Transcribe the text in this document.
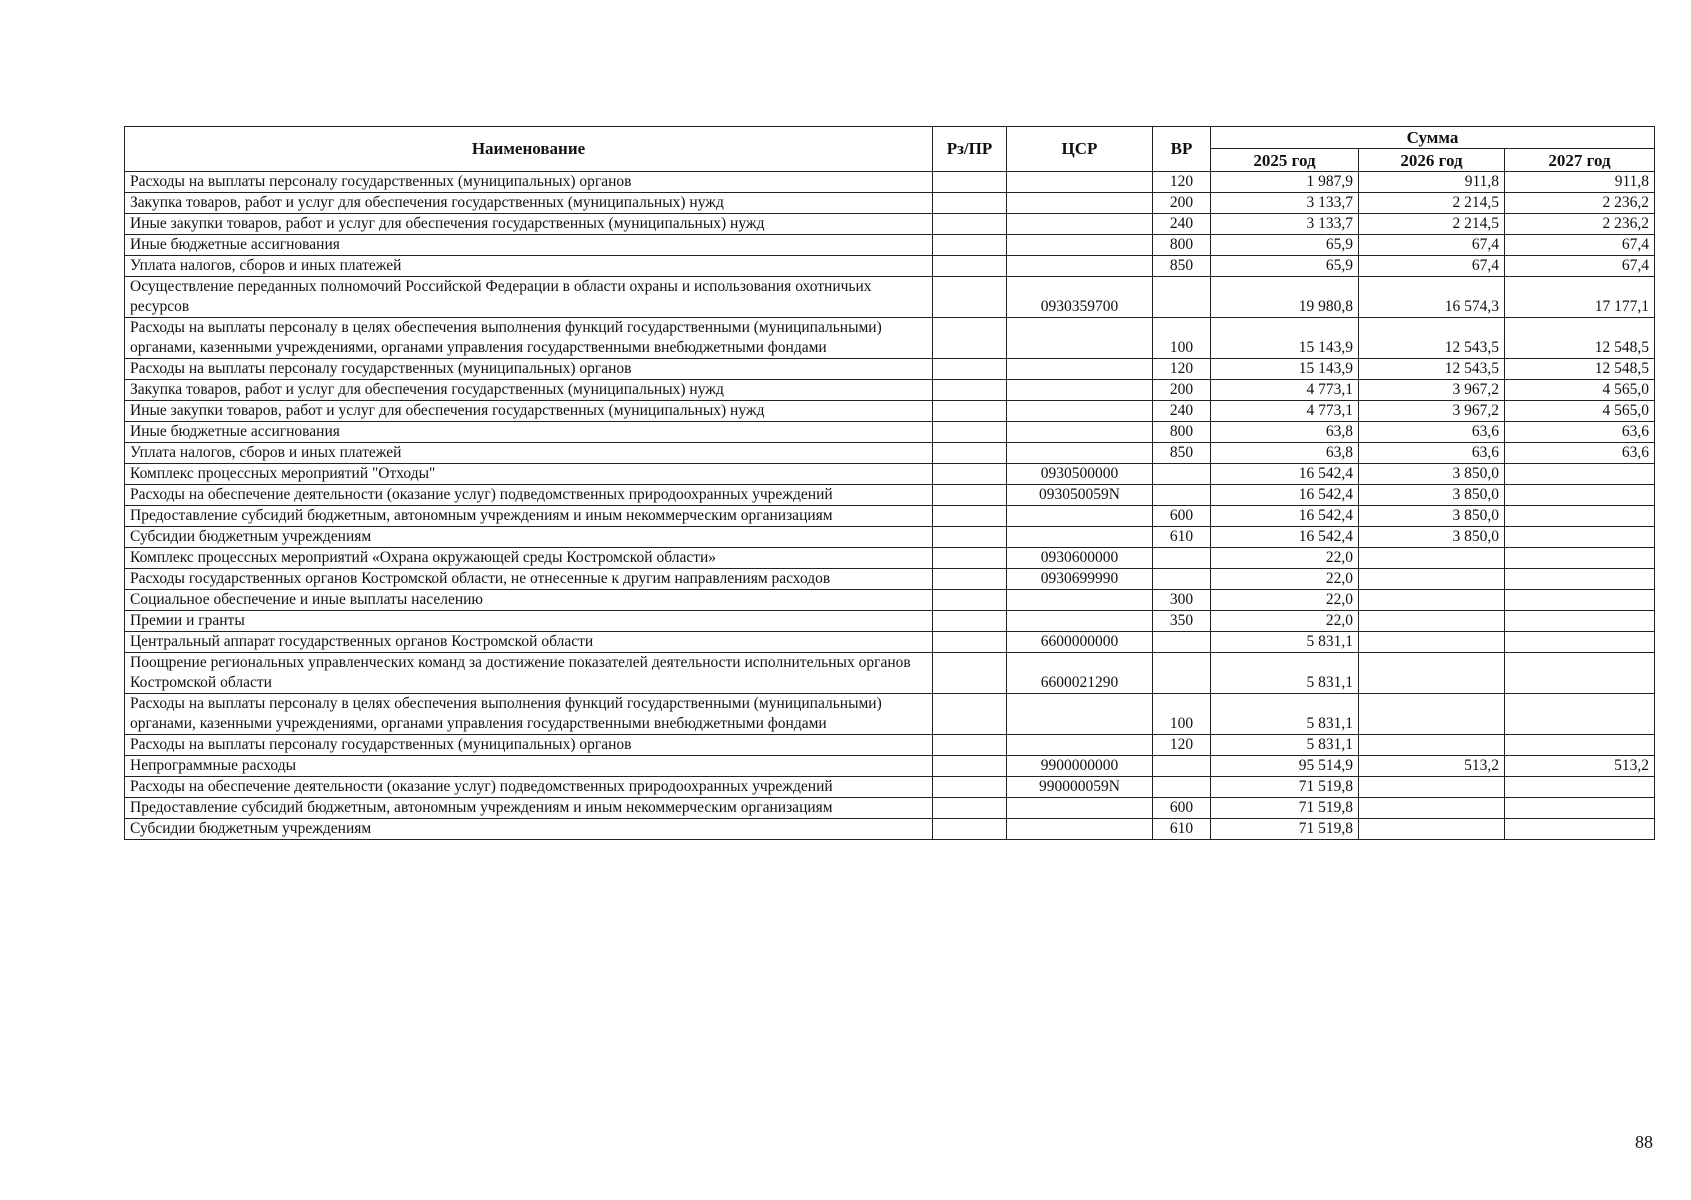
Наименование	Рз/ПР	ЦСР	ВР	Сумма		
				2025 год	2026 год	2027 год
Расходы на выплаты персоналу государственных (муниципальных) органов			120	1 987,9	911,8	911,8
Закупка товаров, работ и услуг для обеспечения государственных (муниципальных) нужд			200	3 133,7	2 214,5	2 236,2
Иные закупки товаров, работ и услуг для обеспечения государственных (муниципальных) нужд			240	3 133,7	2 214,5	2 236,2
Иные бюджетные ассигнования			800	65,9	67,4	67,4
Уплата налогов, сборов и иных платежей			850	65,9	67,4	67,4
Осуществление переданных полномочий Российской Федерации в области охраны и использования охотничьих ресурсов		0930359700		19 980,8	16 574,3	17 177,1
Расходы на выплаты персоналу в целях обеспечения выполнения функций государственными (муниципальными) органами, казенными учреждениями, органами управления государственными внебюджетными фондами			100	15 143,9	12 543,5	12 548,5
Расходы на выплаты персоналу государственных (муниципальных) органов			120	15 143,9	12 543,5	12 548,5
Закупка товаров, работ и услуг для обеспечения государственных (муниципальных) нужд			200	4 773,1	3 967,2	4 565,0
Иные закупки товаров, работ и услуг для обеспечения государственных (муниципальных) нужд			240	4 773,1	3 967,2	4 565,0
Иные бюджетные ассигнования			800	63,8	63,6	63,6
Уплата налогов, сборов и иных платежей			850	63,8	63,6	63,6
Комплекс процессных мероприятий "Отходы"		0930500000		16 542,4	3 850,0	
Расходы на обеспечение деятельности (оказание услуг) подведомственных природоохранных учреждений		093050059N		16 542,4	3 850,0	
Предоставление субсидий бюджетным, автономным учреждениям и иным некоммерческим организациям			600	16 542,4	3 850,0	
Субсидии бюджетным учреждениям			610	16 542,4	3 850,0	
Комплекс процессных мероприятий «Охрана окружающей среды Костромской области»		0930600000		22,0		
Расходы государственных органов Костромской области, не отнесенные к другим направлениям расходов		0930699990		22,0		
Социальное обеспечение и иные выплаты населению			300	22,0		
Премии и гранты			350	22,0		
Центральный аппарат государственных органов Костромской области		6600000000		5 831,1		
Поощрение региональных управленческих команд за достижение показателей деятельности исполнительных органов Костромской области		6600021290		5 831,1		
Расходы на выплаты персоналу в целях обеспечения выполнения функций государственными (муниципальными) органами, казенными учреждениями, органами управления государственными внебюджетными фондами			100	5 831,1		
Расходы на выплаты персоналу государственных (муниципальных) органов			120	5 831,1		
Непрограммные расходы		9900000000		95 514,9	513,2	513,2
Расходы на обеспечение деятельности (оказание услуг) подведомственных природоохранных учреждений		990000059N		71 519,8		
Предоставление субсидий бюджетным, автономным учреждениям и иным некоммерческим организациям			600	71 519,8		
Субсидии бюджетным учреждениям			610	71 519,8		
88
